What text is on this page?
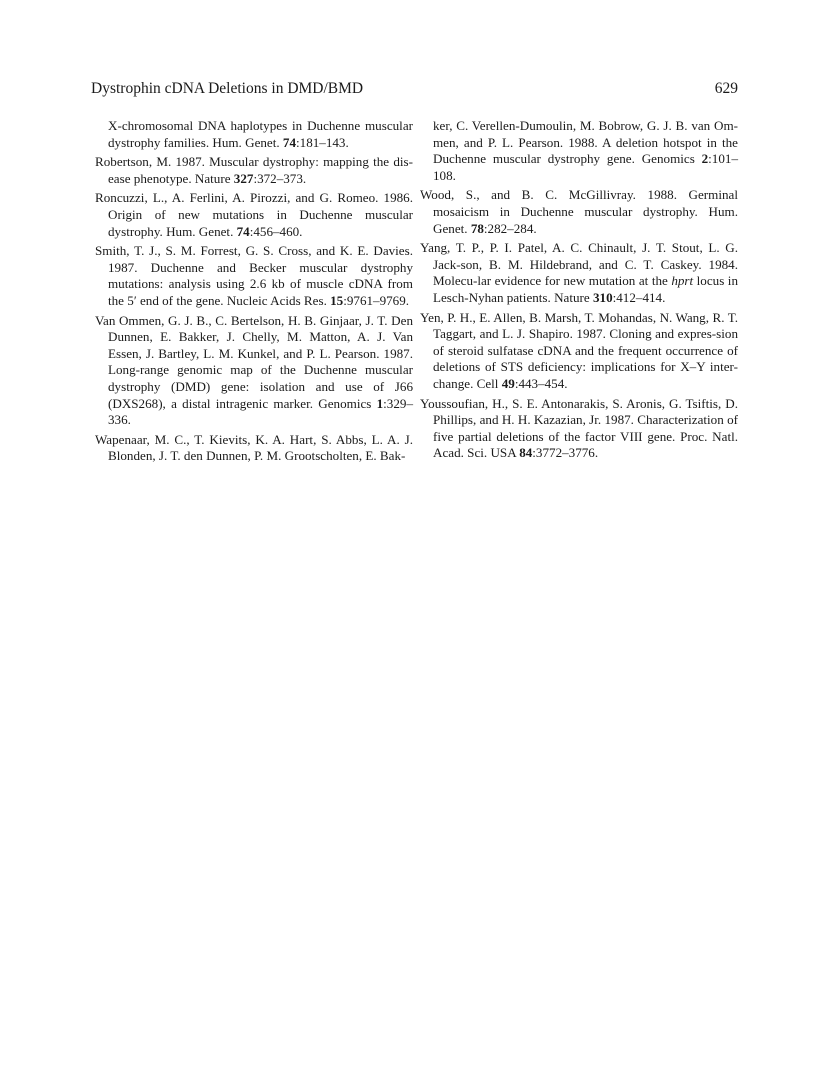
Dystrophin cDNA Deletions in DMD/BMD	629

X-chromosomal DNA haplotypes in Duchenne muscular dystrophy families. Hum. Genet. 74:181–143.

Robertson, M. 1987. Muscular dystrophy: mapping the dis-ease phenotype. Nature 327:372–373.

Roncuzzi, L., A. Ferlini, A. Pirozzi, and G. Romeo. 1986. Origin of new mutations in Duchenne muscular dystrophy. Hum. Genet. 74:456–460.

Smith, T. J., S. M. Forrest, G. S. Cross, and K. E. Davies. 1987. Duchenne and Becker muscular dystrophy mutations: analysis using 2.6 kb of muscle cDNA from the 5′ end of the gene. Nucleic Acids Res. 15:9761–9769.

Van Ommen, G. J. B., C. Bertelson, H. B. Ginjaar, J. T. Den Dunnen, E. Bakker, J. Chelly, M. Matton, A. J. Van Essen, J. Bartley, L. M. Kunkel, and P. L. Pearson. 1987. Long-range genomic map of the Duchenne muscular dystrophy (DMD) gene: isolation and use of J66 (DXS268), a distal intragenic marker. Genomics 1:329–336.

Wapenaar, M. C., T. Kievits, K. A. Hart, S. Abbs, L. A. J. Blonden, J. T. den Dunnen, P. M. Grootscholten, E. Bak-

ker, C. Verellen-Dumoulin, M. Bobrow, G. J. B. van Om-men, and P. L. Pearson. 1988. A deletion hotspot in the Duchenne muscular dystrophy gene. Genomics 2:101–108.

Wood, S., and B. C. McGillivray. 1988. Germinal mosaicism in Duchenne muscular dystrophy. Hum. Genet. 78:282–284.

Yang, T. P., P. I. Patel, A. C. Chinault, J. T. Stout, L. G. Jack-son, B. M. Hildebrand, and C. T. Caskey. 1984. Molecu-lar evidence for new mutation at the hprt locus in Lesch-Nyhan patients. Nature 310:412–414.

Yen, P. H., E. Allen, B. Marsh, T. Mohandas, N. Wang, R. T. Taggart, and L. J. Shapiro. 1987. Cloning and expres-sion of steroid sulfatase cDNA and the frequent occurrence of deletions of STS deficiency: implications for X–Y inter-change. Cell 49:443–454.

Youssoufian, H., S. E. Antonarakis, S. Aronis, G. Tsiftis, D. Phillips, and H. H. Kazazian, Jr. 1987. Characterization of five partial deletions of the factor VIII gene. Proc. Natl. Acad. Sci. USA 84:3772–3776.
